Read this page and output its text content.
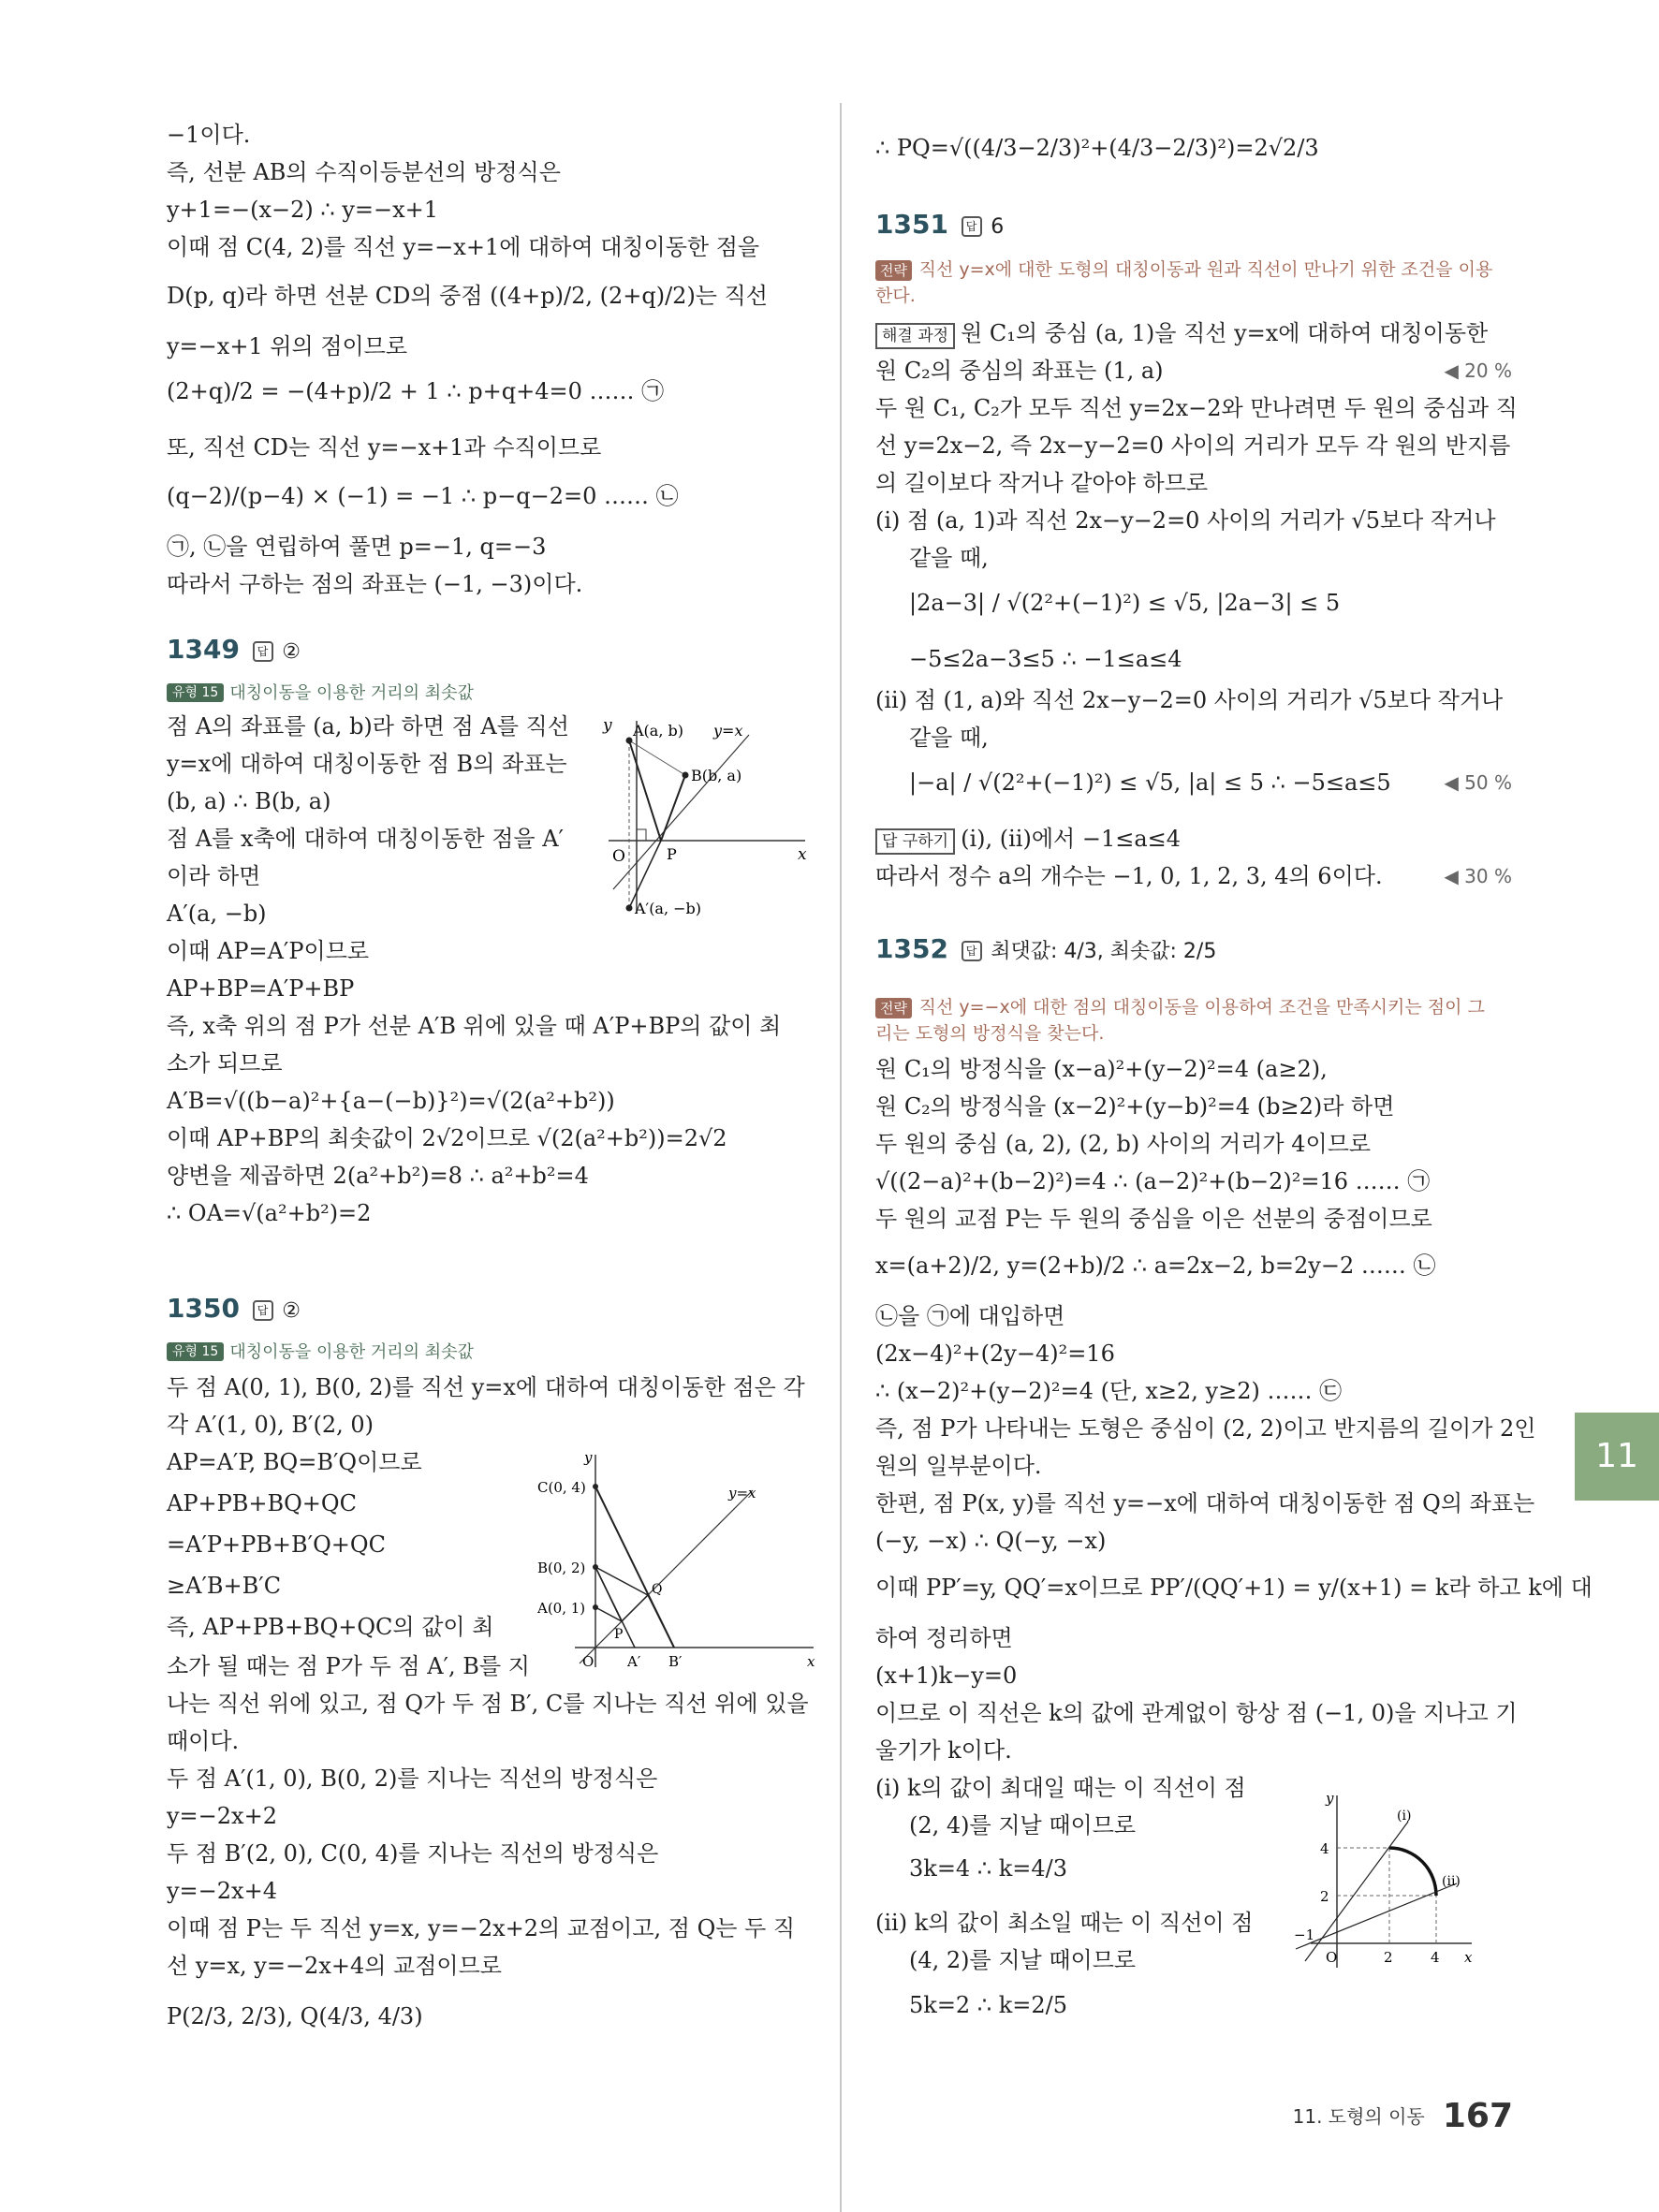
−1이다.
즉, 선분 AB의 수직이등분선의 방정식은
y+1=−(x−2) ∴ y=−x+1
이때 점 C(4, 2)를 직선 y=−x+1에 대하여 대칭이동한 점을
D(p, q)라 하면 선분 CD의 중점 ((4+p)/2, (2+q)/2)는 직선
y=−x+1 위의 점이므로
(2+q)/2 = −(4+p)/2 + 1 ∴ p+q+4=0 …… ㉠
또, 직선 CD는 직선 y=−x+1과 수직이므로
(q−2)/(p−4) × (−1) = −1 ∴ p−q−2=0 …… ㉡
㉠, ㉡을 연립하여 풀면 p=−1, q=−3
따라서 구하는 점의 좌표는 (−1, −3)이다.
1349 답 ②
유형 15 대칭이동을 이용한 거리의 최솟값
점 A의 좌표를 (a, b)라 하면 점 A를 직선
y=x에 대하여 대칭이동한 점 B의 좌표는
(b, a) ∴ B(b, a)
점 A를 x축에 대하여 대칭이동한 점을 A′
이라 하면
A′(a, −b)
이때 AP=A′P이므로
AP+BP=A′P+BP
즉, x축 위의 점 P가 선분 A′B 위에 있을 때 A′P+BP의 값이 최
소가 되므로
A′B=√((b−a)²+{a−(−b)}²)=√(2(a²+b²))
이때 AP+BP의 최솟값이 2√2이므로 √(2(a²+b²))=2√2
양변을 제곱하면 2(a²+b²)=8 ∴ a²+b²=4
∴ OA=√(a²+b²)=2
y
x
O
y=x
A(a, b)
B(b, a)
P
A′(a, −b)
1350 답 ②
유형 15 대칭이동을 이용한 거리의 최솟값
두 점 A(0, 1), B(0, 2)를 직선 y=x에 대하여 대칭이동한 점은 각
각 A′(1, 0), B′(2, 0)
AP=A′P, BQ=B′Q이므로
AP+PB+BQ+QC
=A′P+PB+B′Q+QC
≥A′B+B′C
즉, AP+PB+BQ+QC의 값이 최
소가 될 때는 점 P가 두 점 A′, B를 지
나는 직선 위에 있고, 점 Q가 두 점 B′, C를 지나는 직선 위에 있을
때이다.
두 점 A′(1, 0), B(0, 2)를 지나는 직선의 방정식은
y=−2x+2
두 점 B′(2, 0), C(0, 4)를 지나는 직선의 방정식은
y=−2x+4
이때 점 P는 두 직선 y=x, y=−2x+2의 교점이고, 점 Q는 두 직
선 y=x, y=−2x+4의 교점이므로
P(2/3, 2/3), Q(4/3, 4/3)
y
x
O
y=x
C(0, 4)
B(0, 2)
A(0, 1)
P
Q
A′ B′
∴ PQ=√((4/3−2/3)²+(4/3−2/3)²)=2√2/3
1351 답 6
전략 직선 y=x에 대한 도형의 대칭이동과 원과 직선이 만나기 위한 조건을 이용
한다.
해결 과정 원 C₁의 중심 (a, 1)을 직선 y=x에 대하여 대칭이동한
원 C₂의 중심의 좌표는 (1, a)	◀ 20 %
두 원 C₁, C₂가 모두 직선 y=2x−2와 만나려면 두 원의 중심과 직
선 y=2x−2, 즉 2x−y−2=0 사이의 거리가 모두 각 원의 반지름
의 길이보다 작거나 같아야 하므로
(i) 점 (a, 1)과 직선 2x−y−2=0 사이의 거리가 √5보다 작거나
같을 때,
|2a−3| / √(2²+(−1)²) ≤ √5, |2a−3| ≤ 5
−5≤2a−3≤5 ∴ −1≤a≤4
(ii) 점 (1, a)와 직선 2x−y−2=0 사이의 거리가 √5보다 작거나
같을 때,
|−a| / √(2²+(−1)²) ≤ √5, |a| ≤ 5 ∴ −5≤a≤5	◀ 50 %
답 구하기 (i), (ii)에서 −1≤a≤4
따라서 정수 a의 개수는 −1, 0, 1, 2, 3, 4의 6이다.	◀ 30 %
1352 답 최댓값: 4/3, 최솟값: 2/5
전략 직선 y=−x에 대한 점의 대칭이동을 이용하여 조건을 만족시키는 점이 그
리는 도형의 방정식을 찾는다.
원 C₁의 방정식을 (x−a)²+(y−2)²=4 (a≥2),
원 C₂의 방정식을 (x−2)²+(y−b)²=4 (b≥2)라 하면
두 원의 중심 (a, 2), (2, b) 사이의 거리가 4이므로
√((2−a)²+(b−2)²)=4 ∴ (a−2)²+(b−2)²=16 …… ㉠
두 원의 교점 P는 두 원의 중심을 이은 선분의 중점이므로
x=(a+2)/2, y=(2+b)/2 ∴ a=2x−2, b=2y−2 …… ㉡
㉡을 ㉠에 대입하면
(2x−4)²+(2y−4)²=16
∴ (x−2)²+(y−2)²=4 (단, x≥2, y≥2) …… ㉢
즉, 점 P가 나타내는 도형은 중심이 (2, 2)이고 반지름의 길이가 2인
원의 일부분이다.
한편, 점 P(x, y)를 직선 y=−x에 대하여 대칭이동한 점 Q의 좌표는
(−y, −x) ∴ Q(−y, −x)
이때 PP′=y, QQ′=x이므로 PP′/(QQ′+1) = y/(x+1) = k라 하고 k에 대
하여 정리하면
(x+1)k−y=0
이므로 이 직선은 k의 값에 관계없이 항상 점 (−1, 0)을 지나고 기
울기가 k이다.
(i) k의 값이 최대일 때는 이 직선이 점
(2, 4)를 지날 때이므로
3k=4 ∴ k=4/3
(ii) k의 값이 최소일 때는 이 직선이 점
(4, 2)를 지날 때이므로
5k=2 ∴ k=2/5
y
x
O
4
2
2	4
−1
(i)
(ii)
11
11. 도형의 이동 167
